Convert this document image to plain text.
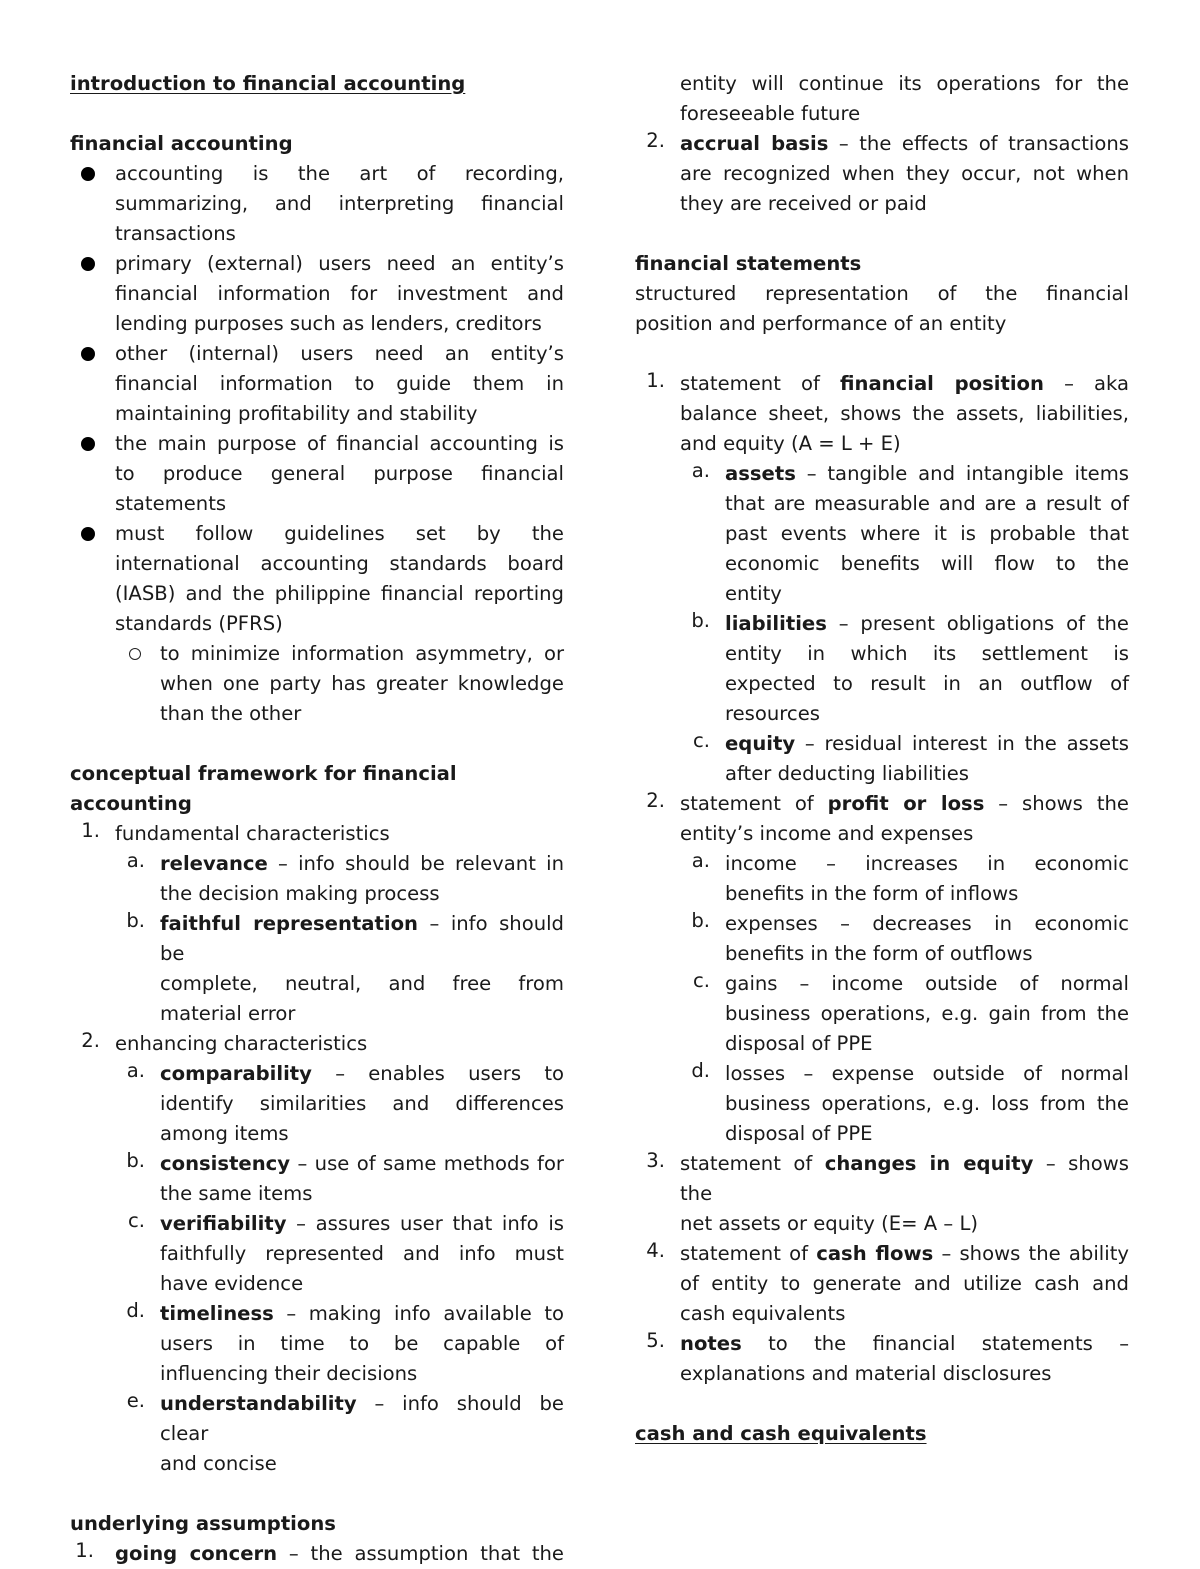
introduction to financial accounting
financial accounting
accounting is the art of recording,
summarizing, and interpreting financial
transactions
primary (external) users need an entity’s
financial information for investment and
lending purposes such as lenders, creditors
other (internal) users need an entity’s
financial information to guide them in
maintaining profitability and stability
the main purpose of financial accounting is
to produce general purpose financial
statements
must follow guidelines set by the
international accounting standards board
(IASB) and the philippine financial reporting
standards (PFRS)
to minimize information asymmetry, or
when one party has greater knowledge
than the other
conceptual framework for financial accounting
1. fundamental characteristics
a. relevance – info should be relevant in
the decision making process
b. faithful representation – info should be
complete, neutral, and free from
material error
2. enhancing characteristics
a. comparability – enables users to
identify similarities and differences
among items
b. consistency – use of same methods for
the same items
c. verifiability – assures user that info is
faithfully represented and info must
have evidence
d. timeliness – making info available to
users in time to be capable of
influencing their decisions
e. understandability – info should be clear
and concise
underlying assumptions
1. going concern – the assumption that the
entity will continue its operations for the
foreseeable future
2. accrual basis – the effects of transactions
are recognized when they occur, not when
they are received or paid
financial statements
structured representation of the financial
position and performance of an entity
1. statement of financial position – aka
balance sheet, shows the assets, liabilities,
and equity (A = L + E)
a. assets – tangible and intangible items
that are measurable and are a result of
past events where it is probable that
economic benefits will flow to the
entity
b. liabilities – present obligations of the
entity in which its settlement is
expected to result in an outflow of
resources
c. equity – residual interest in the assets
after deducting liabilities
2. statement of profit or loss – shows the
entity’s income and expenses
a. income – increases in economic
benefits in the form of inflows
b. expenses – decreases in economic
benefits in the form of outflows
c. gains – income outside of normal
business operations, e.g. gain from the
disposal of PPE
d. losses – expense outside of normal
business operations, e.g. loss from the
disposal of PPE
3. statement of changes in equity – shows the
net assets or equity (E= A – L)
4. statement of cash flows – shows the ability
of entity to generate and utilize cash and
cash equivalents
5. notes to the financial statements –
explanations and material disclosures
cash and cash equivalents
